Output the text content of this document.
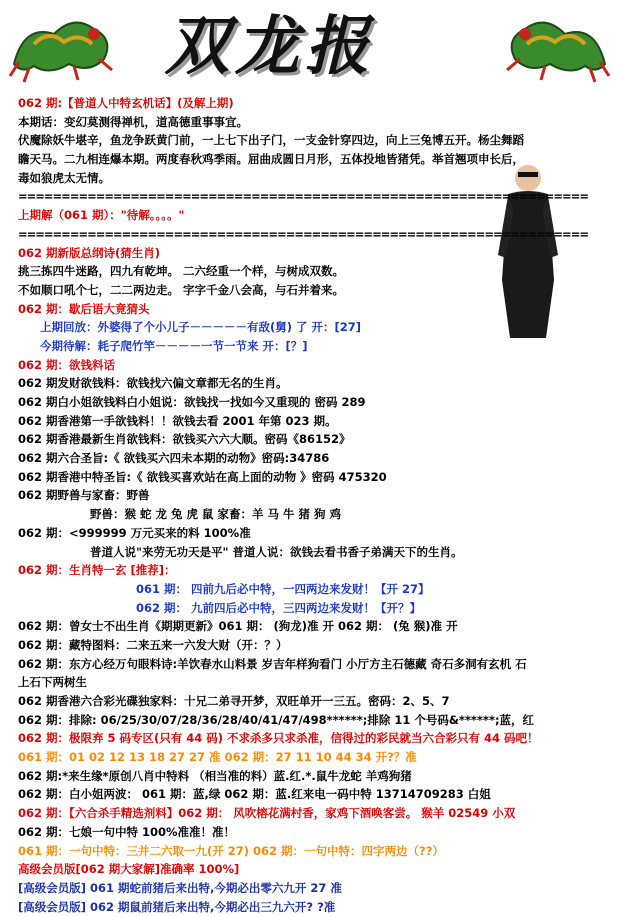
双龙报
062 期:【普道人中特玄机话】(及解上期)
本期话：变幻莫测得禅机，道高德重事事宜。
伏魔除妖牛堪辛，鱼龙争跃黄门前，一上七下出子门，一支金针穿四边，向上三兔博五开。杨尘舞蹈
瞻天马。二九相连爆本期。两度春秋鸡季雨。屈曲成圆日月形，五体投地皆猪凭。举首翘项申长后，
毒如狼虎太无情。
==================================================================
上期解（061 期）："待解。。。。"
==================================================================
062 期新版总纲诗(猜生肖)
挑三拣四牛迷路，四九有乾坤。 二六经重一个样，与树成双数。
不如顺口吼个七，二二两边走。 字字千金八会高，与石并着来。
062 期：歇后语大竟猜头
上期回放：外婆得了个小儿子－－－－－有敌(舅) 了 开：[27]
今期待解：耗子爬竹竿－－－－一节一节来 开：[？]
062 期：欲钱料话
062 期发财欲钱料：欲钱找六偏文章都无名的生肖。
062 期白小姐欲钱料白小姐说：欲钱找一找如今又重现的 密码 289
062 期香港第一手欲钱料！！欲钱去看 2001 年第 023 期。
062 期香港最新生肖欲钱料：欲钱买六六大顺。密码《86152》
062 期六合圣旨:《 欲钱买六四未本期的动物》密码:34786
062 期香港中特圣旨:《 欲钱买喜欢站在高上面的动物 》密码 475320
062 期野兽与家畜：野兽
野兽：猴 蛇 龙 兔 虎 鼠 家畜：羊 马 牛 猪 狗 鸡
062 期：<999999 万元买来的料 100%准
普道人说"来劳无功天是平" 普道人说：欲钱去看书香子弟满天下的生肖。
062 期：生肖特一玄 [推荐]：
061 期： 四前九后必中特，一四两边来发财！【开 27】
062 期： 九前四后必中特，三四两边来发财！【开？】
062 期：曾女士不出生肖《期期更新》061 期： (狗龙)准 开 062 期： (兔 猴)准 开
062 期：藏特图料：二来五来一六发大财（开：？）
062 期：东方心经万句眼料诗:羊饮春水山料景 岁吉年样狗看门 小厅方主石德藏 奇石多洞有玄机 石
上石下两树生
062 期香港六合彩光碟独家料：十兄二弟寻开梦，双旺单开一三五。密码：2、5、7
062 期：排除: 06/25/30/07/28/36/28/40/41/47/498******;排除 11 个号码&******;蓝，红
062 期：极限弃 5 码专区(只有 44 码) 不求杀多只求杀准，信得过的彩民就当六合彩只有 44 码吧！
061 期：01 02 12 13 18 27 27 准 062 期：27 11 10 44 34 开?？准
062 期:*来生缘*原创八肖中特料 （相当准的料）蓝.红.*.鼠牛龙蛇 羊鸡狗猪
062 期：白小姐两波： 061 期：蓝,绿 062 期：蓝.红来电一码中特 13714709283 白姐
062 期：【六合杀手精选剂料】062 期： 风吹榕花满村香，家鸡下酒唤客尝。 猴羊 02549 小双
062 期：七娘一句中特 100%准准！准！
061 期：一句中特：三并二六取一九(开 27) 062 期：一句中特：四字两边（??）
高级会员版[062 期大家解]准确率 100%]
[高级会员版] 061 期蛇前猪后来出特,今期必出零六九开 27 准
[高级会员版] 062 期鼠前猪后来出特,今期必出三九六开? ?准
